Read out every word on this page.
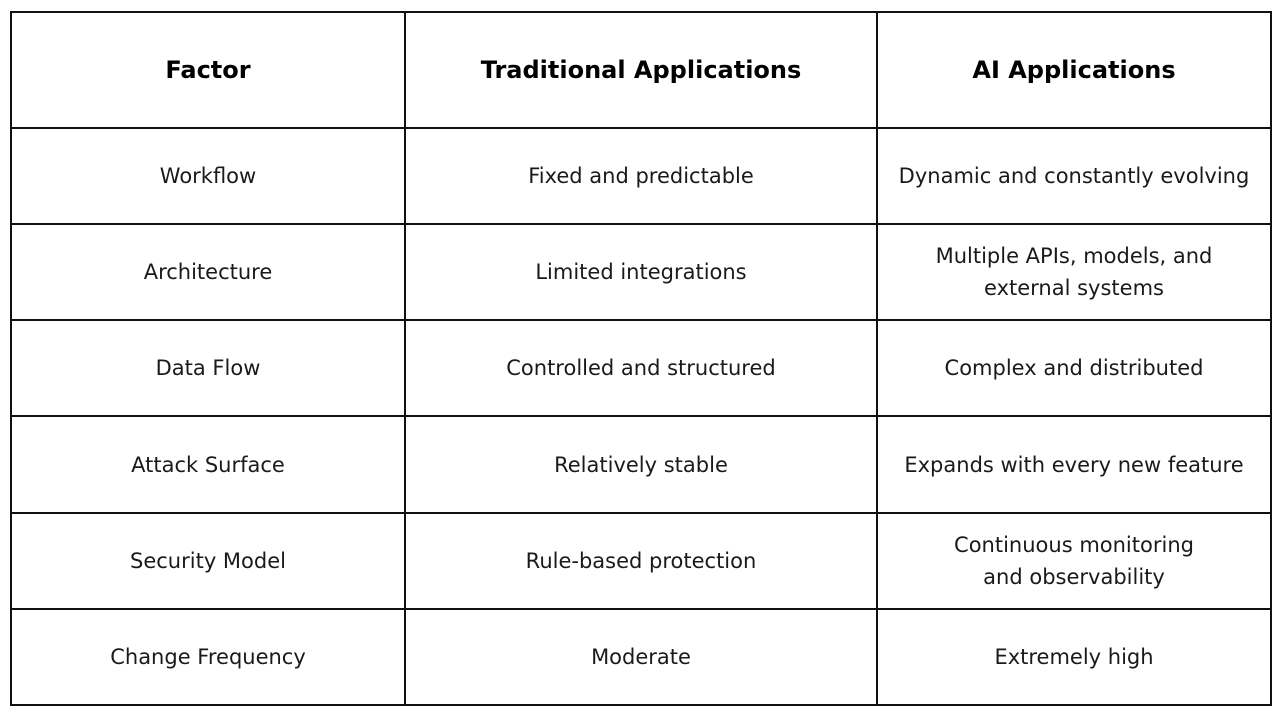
Factor	Traditional Applications	AI Applications
Workflow	Fixed and predictable	Dynamic and constantly evolving

Architecture	Limited integrations	Multiple APIs, models, and
external systems

Data Flow	Controlled and structured	Complex and distributed

Attack Surface	Relatively stable	Expands with every new feature

Security Model	Rule-based protection	Continuous monitoring
and observability

Change Frequency	Moderate	Extremely high
